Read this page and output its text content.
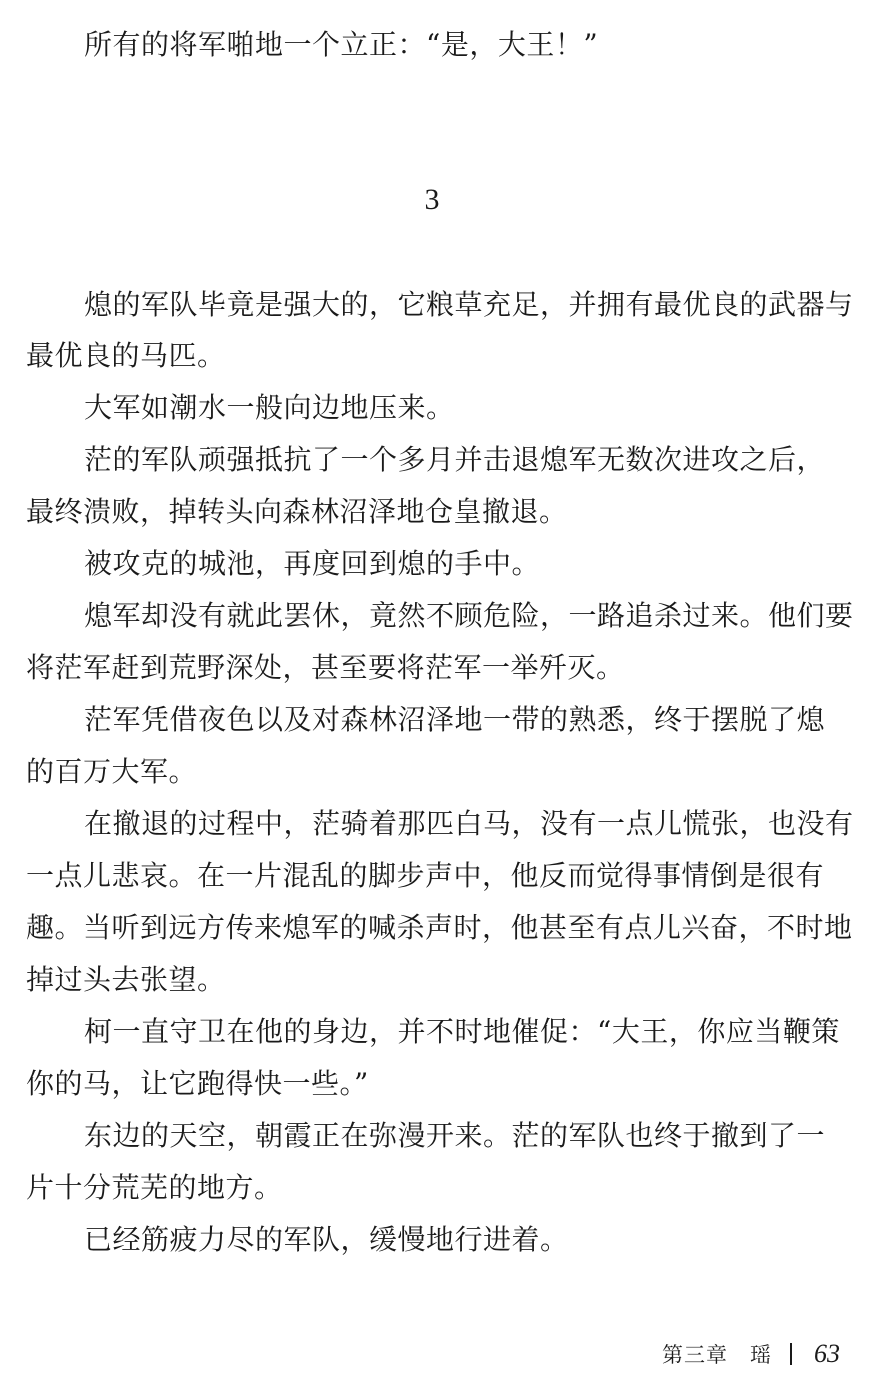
所有的将军啪地一个立正：“是，大王！”
3
熄的军队毕竟是强大的，它粮草充足，并拥有最优良的武器与
最优良的马匹。
大军如潮水一般向边地压来。
茫的军队顽强抵抗了一个多月并击退熄军无数次进攻之后，
最终溃败，掉转头向森林沼泽地仓皇撤退。
被攻克的城池，再度回到熄的手中。
熄军却没有就此罢休，竟然不顾危险，一路追杀过来。他们要
将茫军赶到荒野深处，甚至要将茫军一举歼灭。
茫军凭借夜色以及对森林沼泽地一带的熟悉，终于摆脱了熄
的百万大军。
在撤退的过程中，茫骑着那匹白马，没有一点儿慌张，也没有
一点儿悲哀。在一片混乱的脚步声中，他反而觉得事情倒是很有
趣。当听到远方传来熄军的喊杀声时，他甚至有点儿兴奋，不时地
掉过头去张望。
柯一直守卫在他的身边，并不时地催促：“大王，你应当鞭策
你的马，让它跑得快一些。”
东边的天空，朝霞正在弥漫开来。茫的军队也终于撤到了一
片十分荒芜的地方。
已经筋疲力尽的军队，缓慢地行进着。
第三章　瑶 63
